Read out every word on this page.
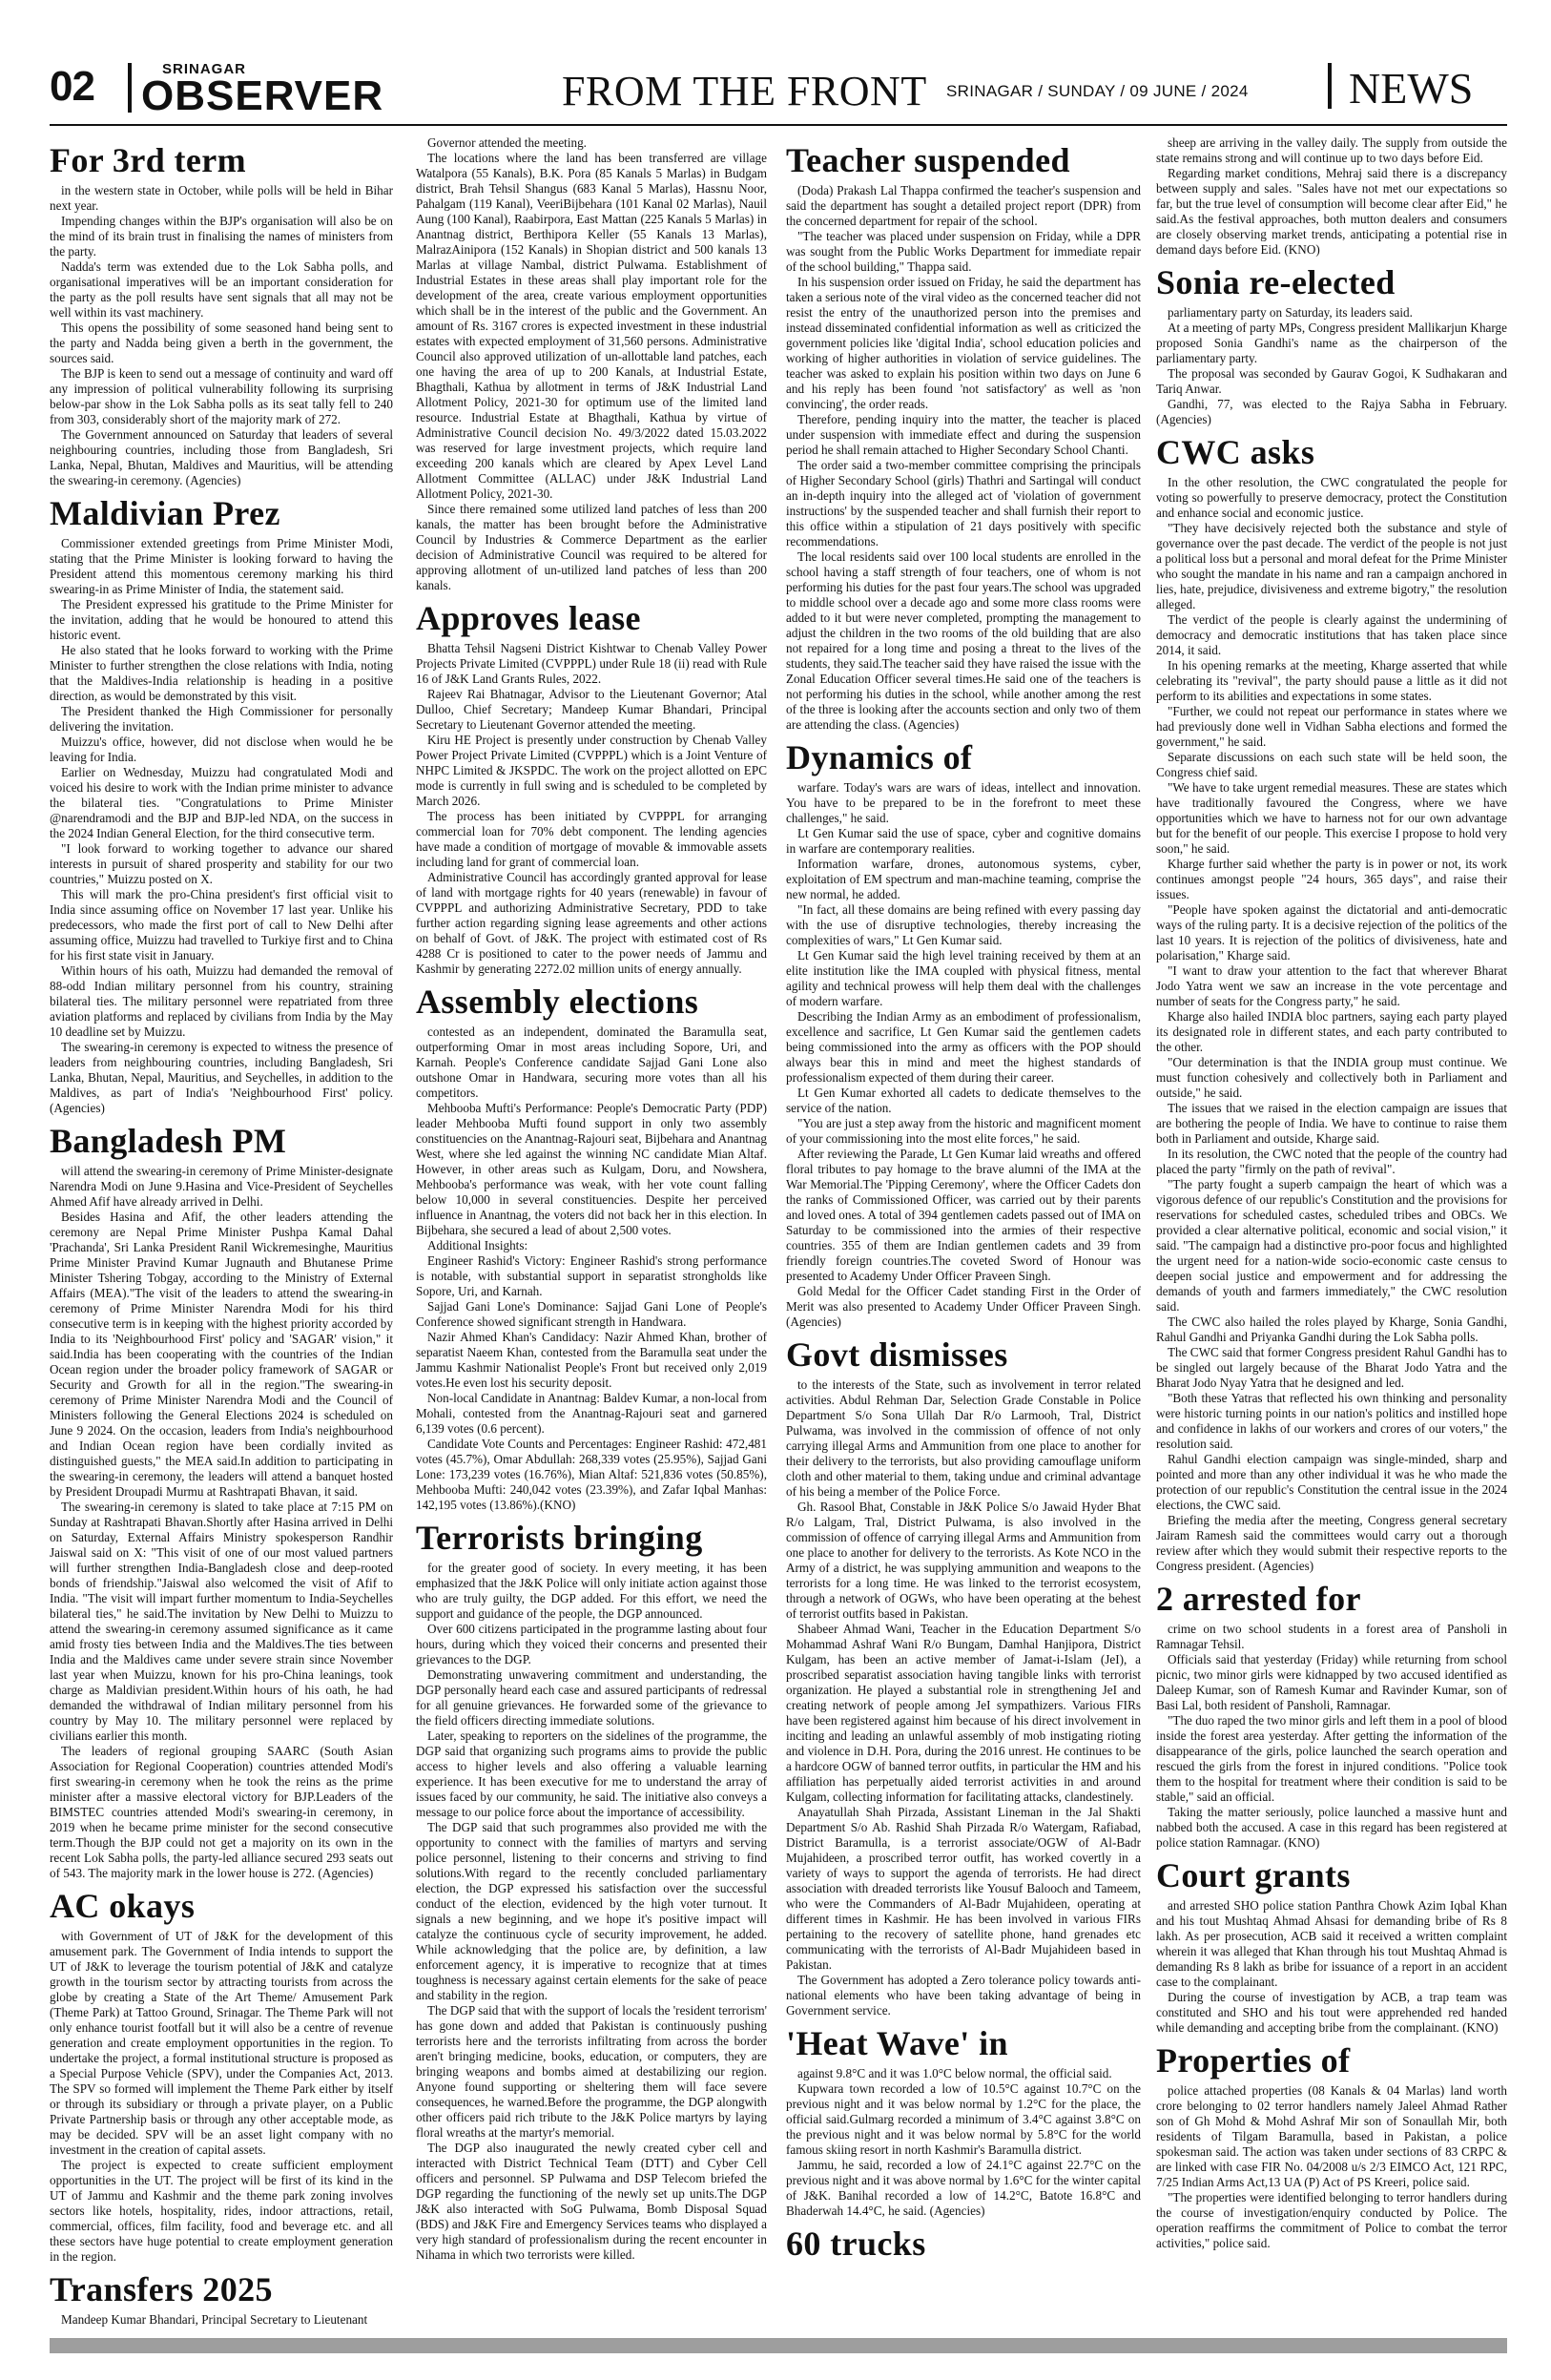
02	SRINAGAR
OBSERVER	FROM THE FRONT SRINAGAR / SUNDAY / 09 JUNE / 2024 NEWS
For 3rd term

in the western state in October, while polls will be held in Bihar next year.

Impending changes within the BJP's organisation will also be on the mind of its brain trust in finalising the names of ministers from the party.

Nadda's term was extended due to the Lok Sabha polls, and organisational imperatives will be an important consideration for the party as the poll results have sent signals that all may not be well within its vast machinery.

This opens the possibility of some seasoned hand being sent to the party and Nadda being given a berth in the government, the sources said.

The BJP is keen to send out a message of continuity and ward off any impression of political vulnerability following its surprising below-par show in the Lok Sabha polls as its seat tally fell to 240 from 303, considerably short of the majority mark of 272.

The Government announced on Saturday that leaders of several neighbouring countries, including those from Bangladesh, Sri Lanka, Nepal, Bhutan, Maldives and Mauritius, will be attending the swearing-in ceremony. (Agencies)

Maldivian Prez

Commissioner extended greetings from Prime Minister Modi, stating that the Prime Minister is looking forward to having the President attend this momentous ceremony marking his third swearing-in as Prime Minister of India, the statement said.

The President expressed his gratitude to the Prime Minister for the invitation, adding that he would be honoured to attend this historic event.

He also stated that he looks forward to working with the Prime Minister to further strengthen the close relations with India, noting that the Maldives-India relationship is heading in a positive direction, as would be demonstrated by this visit.

The President thanked the High Commissioner for personally delivering the invitation.

Muizzu's office, however, did not disclose when would he be leaving for India.

Earlier on Wednesday, Muizzu had congratulated Modi and voiced his desire to work with the Indian prime minister to advance the bilateral ties. "Congratulations to Prime Minister @narendramodi and the BJP and BJP-led NDA, on the success in the 2024 Indian General Election, for the third consecutive term.

"I look forward to working together to advance our shared interests in pursuit of shared prosperity and stability for our two countries," Muizzu posted on X.

This will mark the pro-China president's first official visit to India since assuming office on November 17 last year. Unlike his predecessors, who made the first port of call to New Delhi after assuming office, Muizzu had travelled to Turkiye first and to China for his first state visit in January.

Within hours of his oath, Muizzu had demanded the removal of 88-odd Indian military personnel from his country, straining bilateral ties. The military personnel were repatriated from three aviation platforms and replaced by civilians from India by the May 10 deadline set by Muizzu.

The swearing-in ceremony is expected to witness the presence of leaders from neighbouring countries, including Bangladesh, Sri Lanka, Bhutan, Nepal, Mauritius, and Seychelles, in addition to the Maldives, as part of India's 'Neighbourhood First' policy. (Agencies)

Bangladesh PM

will attend the swearing-in ceremony of Prime Minister-designate Narendra Modi on June 9.Hasina and Vice-President of Seychelles Ahmed Afif have already arrived in Delhi.

Besides Hasina and Afif, the other leaders attending the ceremony are Nepal Prime Minister Pushpa Kamal Dahal 'Prachanda', Sri Lanka President Ranil Wickremesinghe, Mauritius Prime Minister Pravind Kumar Jugnauth and Bhutanese Prime Minister Tshering Tobgay, according to the Ministry of External Affairs (MEA)."The visit of the leaders to attend the swearing-in ceremony of Prime Minister Narendra Modi for his third consecutive term is in keeping with the highest priority accorded by India to its 'Neighbourhood First' policy and 'SAGAR' vision," it said.India has been cooperating with the countries of the Indian Ocean region under the broader policy framework of SAGAR or Security and Growth for all in the region."The swearing-in ceremony of Prime Minister Narendra Modi and the Council of Ministers following the General Elections 2024 is scheduled on June 9 2024. On the occasion, leaders from India's neighbourhood and Indian Ocean region have been cordially invited as distinguished guests," the MEA said.In addition to participating in the swearing-in ceremony, the leaders will attend a banquet hosted by President Droupadi Murmu at Rashtrapati Bhavan, it said.

The swearing-in ceremony is slated to take place at 7:15 PM on Sunday at Rashtrapati Bhavan.Shortly after Hasina arrived in Delhi on Saturday, External Affairs Ministry spokesperson Randhir Jaiswal said on X: "This visit of one of our most valued partners will further strengthen India-Bangladesh close and deep-rooted bonds of friendship."Jaiswal also welcomed the visit of Afif to India. "The visit will impart further momentum to India-Seychelles bilateral ties," he said.The invitation by New Delhi to Muizzu to attend the swearing-in ceremony assumed significance as it came amid frosty ties between India and the Maldives.The ties between India and the Maldives came under severe strain since November last year when Muizzu, known for his pro-China leanings, took charge as Maldivian president.Within hours of his oath, he had demanded the withdrawal of Indian military personnel from his country by May 10. The military personnel were replaced by civilians earlier this month.

The leaders of regional grouping SAARC (South Asian Association for Regional Cooperation) countries attended Modi's first swearing-in ceremony when he took the reins as the prime minister after a massive electoral victory for BJP.Leaders of the BIMSTEC countries attended Modi's swearing-in ceremony, in 2019 when he became prime minister for the second consecutive term.Though the BJP could not get a majority on its own in the recent Lok Sabha polls, the party-led alliance secured 293 seats out of 543. The majority mark in the lower house is 272. (Agencies)

AC okays

with Government of UT of J&K for the development of this amusement park. The Government of India intends to support the UT of J&K to leverage the tourism potential of J&K and catalyze growth in the tourism sector by attracting tourists from across the globe by creating a State of the Art Theme/ Amusement Park (Theme Park) at Tattoo Ground, Srinagar. The Theme Park will not only enhance tourist footfall but it will also be a centre of revenue generation and create employment opportunities in the region. To undertake the project, a formal institutional structure is proposed as a Special Purpose Vehicle (SPV), under the Companies Act, 2013. The SPV so formed will implement the Theme Park either by itself or through its subsidiary or through a private player, on a Public Private Partnership basis or through any other acceptable mode, as may be decided. SPV will be an asset light company with no investment in the creation of capital assets.

The project is expected to create sufficient employment opportunities in the UT. The project will be first of its kind in the UT of Jammu and Kashmir and the theme park zoning involves sectors like hotels, hospitality, rides, indoor attractions, retail, commercial, offices, film facility, food and beverage etc. and all these sectors have huge potential to create employment generation in the region.

Transfers 2025

Mandeep Kumar Bhandari, Principal Secretary to Lieutenant

Governor attended the meeting.

The locations where the land has been transferred are village Watalpora (55 Kanals), B.K. Pora (85 Kanals 5 Marlas) in Budgam district, Brah Tehsil Shangus (683 Kanal 5 Marlas), Hassnu Noor, Pahalgam (119 Kanal), VeeriBijbehara (101 Kanal 02 Marlas), Nauil Aung (100 Kanal), Raabirpora, East Mattan (225 Kanals 5 Marlas) in Anantnag district, Berthipora Keller (55 Kanals 13 Marlas), MalrazAinipora (152 Kanals) in Shopian district and 500 kanals 13 Marlas at village Nambal, district Pulwama. Establishment of Industrial Estates in these areas shall play important role for the development of the area, create various employment opportunities which shall be in the interest of the public and the Government. An amount of Rs. 3167 crores is expected investment in these industrial estates with expected employment of 31,560 persons. Administrative Council also approved utilization of un-allottable land patches, each one having the area of up to 200 Kanals, at Industrial Estate, Bhagthali, Kathua by allotment in terms of J&K Industrial Land Allotment Policy, 2021-30 for optimum use of the limited land resource. Industrial Estate at Bhagthali, Kathua by virtue of Administrative Council decision No. 49/3/2022 dated 15.03.2022 was reserved for large investment projects, which require land exceeding 200 kanals which are cleared by Apex Level Land Allotment Committee (ALLAC) under J&K Industrial Land Allotment Policy, 2021-30.

Since there remained some utilized land patches of less than 200 kanals, the matter has been brought before the Administrative Council by Industries & Commerce Department as the earlier decision of Administrative Council was required to be altered for approving allotment of un-utilized land patches of less than 200 kanals.

Approves lease

Bhatta Tehsil Nagseni District Kishtwar to Chenab Valley Power Projects Private Limited (CVPPPL) under Rule 18 (ii) read with Rule 16 of J&K Land Grants Rules, 2022.

Rajeev Rai Bhatnagar, Advisor to the Lieutenant Governor; Atal Dulloo, Chief Secretary; Mandeep Kumar Bhandari, Principal Secretary to Lieutenant Governor attended the meeting.

Kiru HE Project is presently under construction by Chenab Valley Power Project Private Limited (CVPPPL) which is a Joint Venture of NHPC Limited & JKSPDC. The work on the project allotted on EPC mode is currently in full swing and is scheduled to be completed by March 2026.

The process has been initiated by CVPPPL for arranging commercial loan for 70% debt component. The lending agencies have made a condition of mortgage of movable & immovable assets including land for grant of commercial loan.

Administrative Council has accordingly granted approval for lease of land with mortgage rights for 40 years (renewable) in favour of CVPPPL and authorizing Administrative Secretary, PDD to take further action regarding signing lease agreements and other actions on behalf of Govt. of J&K. The project with estimated cost of Rs 4288 Cr is positioned to cater to the power needs of Jammu and Kashmir by generating 2272.02 million units of energy annually.

Assembly elections

contested as an independent, dominated the Baramulla seat, outperforming Omar in most areas including Sopore, Uri, and Karnah. People's Conference candidate Sajjad Gani Lone also outshone Omar in Handwara, securing more votes than all his competitors.

Mehbooba Mufti's Performance: People's Democratic Party (PDP) leader Mehbooba Mufti found support in only two assembly constituencies on the Anantnag-Rajouri seat, Bijbehara and Anantnag West, where she led against the winning NC candidate Mian Altaf. However, in other areas such as Kulgam, Doru, and Nowshera, Mehbooba's performance was weak, with her vote count falling below 10,000 in several constituencies. Despite her perceived influence in Anantnag, the voters did not back her in this election. In Bijbehara, she secured a lead of about 2,500 votes.

Additional Insights:

Engineer Rashid's Victory: Engineer Rashid's strong performance is notable, with substantial support in separatist strongholds like Sopore, Uri, and Karnah.

Sajjad Gani Lone's Dominance: Sajjad Gani Lone of People's Conference showed significant strength in Handwara.

Nazir Ahmed Khan's Candidacy: Nazir Ahmed Khan, brother of separatist Naeem Khan, contested from the Baramulla seat under the Jammu Kashmir Nationalist People's Front but received only 2,019 votes.He even lost his security deposit.

Non-local Candidate in Anantnag: Baldev Kumar, a non-local from Mohali, contested from the Anantnag-Rajouri seat and garnered 6,139 votes (0.6 percent).

Candidate Vote Counts and Percentages: Engineer Rashid: 472,481 votes (45.7%), Omar Abdullah: 268,339 votes (25.95%), Sajjad Gani Lone: 173,239 votes (16.76%), Mian Altaf: 521,836 votes (50.85%), Mehbooba Mufti: 240,042 votes (23.39%), and Zafar Iqbal Manhas: 142,195 votes (13.86%).(KNO)

Terrorists bringing

for the greater good of society. In every meeting, it has been emphasized that the J&K Police will only initiate action against those who are truly guilty, the DGP added. For this effort, we need the support and guidance of the people, the DGP announced.

Over 600 citizens participated in the programme lasting about four hours, during which they voiced their concerns and presented their grievances to the DGP.

Demonstrating unwavering commitment and understanding, the DGP personally heard each case and assured participants of redressal for all genuine grievances. He forwarded some of the grievance to the field officers directing immediate solutions.

Later, speaking to reporters on the sidelines of the programme, the DGP said that organizing such programs aims to provide the public access to higher levels and also offering a valuable learning experience. It has been executive for me to understand the array of issues faced by our community, he said. The initiative also conveys a message to our police force about the importance of accessibility.

The DGP said that such programmes also provided me with the opportunity to connect with the families of martyrs and serving police personnel, listening to their concerns and striving to find solutions.With regard to the recently concluded parliamentary election, the DGP expressed his satisfaction over the successful conduct of the election, evidenced by the high voter turnout. It signals a new beginning, and we hope it's positive impact will catalyze the continuous cycle of security improvement, he added. While acknowledging that the police are, by definition, a law enforcement agency, it is imperative to recognize that at times toughness is necessary against certain elements for the sake of peace and stability in the region.

The DGP said that with the support of locals the 'resident terrorism' has gone down and added that Pakistan is continuously pushing terrorists here and the terrorists infiltrating from across the border aren't bringing medicine, books, education, or computers, they are bringing weapons and bombs aimed at destabilizing our region. Anyone found supporting or sheltering them will face severe consequences, he warned.Before the programme, the DGP alongwith other officers paid rich tribute to the J&K Police martyrs by laying floral wreaths at the martyr's memorial.

The DGP also inaugurated the newly created cyber cell and interacted with District Technical Team (DTT) and Cyber Cell officers and personnel. SP Pulwama and DSP Telecom briefed the DGP regarding the functioning of the newly set up units.The DGP J&K also interacted with SoG Pulwama, Bomb Disposal Squad (BDS) and J&K Fire and Emergency Services teams who displayed a very high standard of professionalism during the recent encounter in Nihama in which two terrorists were killed.

Teacher suspended

(Doda) Prakash Lal Thappa confirmed the teacher's suspension and said the department has sought a detailed project report (DPR) from the concerned department for repair of the school.

"The teacher was placed under suspension on Friday, while a DPR was sought from the Public Works Department for immediate repair of the school building," Thappa said.

In his suspension order issued on Friday, he said the department has taken a serious note of the viral video as the concerned teacher did not resist the entry of the unauthorized person into the premises and instead disseminated confidential information as well as criticized the government policies like 'digital India', school education policies and working of higher authorities in violation of service guidelines. The teacher was asked to explain his position within two days on June 6 and his reply has been found 'not satisfactory' as well as 'non convincing', the order reads.

Therefore, pending inquiry into the matter, the teacher is placed under suspension with immediate effect and during the suspension period he shall remain attached to Higher Secondary School Chanti.

The order said a two-member committee comprising the principals of Higher Secondary School (girls) Thathri and Sartingal will conduct an in-depth inquiry into the alleged act of 'violation of government instructions' by the suspended teacher and shall furnish their report to this office within a stipulation of 21 days positively with specific recommendations.

The local residents said over 100 local students are enrolled in the school having a staff strength of four teachers, one of whom is not performing his duties for the past four years.The school was upgraded to middle school over a decade ago and some more class rooms were added to it but were never completed, prompting the management to adjust the children in the two rooms of the old building that are also not repaired for a long time and posing a threat to the lives of the students, they said.The teacher said they have raised the issue with the Zonal Education Officer several times.He said one of the teachers is not performing his duties in the school, while another among the rest of the three is looking after the accounts section and only two of them are attending the class. (Agencies)

Dynamics of

warfare. Today's wars are wars of ideas, intellect and innovation. You have to be prepared to be in the forefront to meet these challenges," he said.

Lt Gen Kumar said the use of space, cyber and cognitive domains in warfare are contemporary realities.

Information warfare, drones, autonomous systems, cyber, exploitation of EM spectrum and man-machine teaming, comprise the new normal, he added.

"In fact, all these domains are being refined with every passing day with the use of disruptive technologies, thereby increasing the complexities of wars," Lt Gen Kumar said.

Lt Gen Kumar said the high level training received by them at an elite institution like the IMA coupled with physical fitness, mental agility and technical prowess will help them deal with the challenges of modern warfare.

Describing the Indian Army as an embodiment of professionalism, excellence and sacrifice, Lt Gen Kumar said the gentlemen cadets being commissioned into the army as officers with the POP should always bear this in mind and meet the highest standards of professionalism expected of them during their career.

Lt Gen Kumar exhorted all cadets to dedicate themselves to the service of the nation.

"You are just a step away from the historic and magnificent moment of your commissioning into the most elite forces," he said.

After reviewing the Parade, Lt Gen Kumar laid wreaths and offered floral tributes to pay homage to the brave alumni of the IMA at the War Memorial.The 'Pipping Ceremony', where the Officer Cadets don the ranks of Commissioned Officer, was carried out by their parents and loved ones. A total of 394 gentlemen cadets passed out of IMA on Saturday to be commissioned into the armies of their respective countries. 355 of them are Indian gentlemen cadets and 39 from friendly foreign countries.The coveted Sword of Honour was presented to Academy Under Officer Praveen Singh.

Gold Medal for the Officer Cadet standing First in the Order of Merit was also presented to Academy Under Officer Praveen Singh. (Agencies)

Govt dismisses

to the interests of the State, such as involvement in terror related activities. Abdul Rehman Dar, Selection Grade Constable in Police Department S/o Sona Ullah Dar R/o Larmooh, Tral, District Pulwama, was involved in the commission of offence of not only carrying illegal Arms and Ammunition from one place to another for their delivery to the terrorists, but also providing camouflage uniform cloth and other material to them, taking undue and criminal advantage of his being a member of the Police Force.

Gh. Rasool Bhat, Constable in J&K Police S/o Jawaid Hyder Bhat R/o Lalgam, Tral, District Pulwama, is also involved in the commission of offence of carrying illegal Arms and Ammunition from one place to another for delivery to the terrorists. As Kote NCO in the Army of a district, he was supplying ammunition and weapons to the terrorists for a long time. He was linked to the terrorist ecosystem, through a network of OGWs, who have been operating at the behest of terrorist outfits based in Pakistan.

Shabeer Ahmad Wani, Teacher in the Education Department S/o Mohammad Ashraf Wani R/o Bungam, Damhal Hanjipora, District Kulgam, has been an active member of Jamat-i-Islam (JeI), a proscribed separatist association having tangible links with terrorist organization. He played a substantial role in strengthening JeI and creating network of people among JeI sympathizers. Various FIRs have been registered against him because of his direct involvement in inciting and leading an unlawful assembly of mob instigating rioting and violence in D.H. Pora, during the 2016 unrest. He continues to be a hardcore OGW of banned terror outfits, in particular the HM and his affiliation has perpetually aided terrorist activities in and around Kulgam, collecting information for facilitating attacks, clandestinely.

Anayatullah Shah Pirzada, Assistant Lineman in the Jal Shakti Department S/o Ab. Rashid Shah Pirzada R/o Watergam, Rafiabad, District Baramulla, is a terrorist associate/OGW of Al-Badr Mujahideen, a proscribed terror outfit, has worked covertly in a variety of ways to support the agenda of terrorists. He had direct association with dreaded terrorists like Yousuf Balooch and Tameem, who were the Commanders of Al-Badr Mujahideen, operating at different times in Kashmir. He has been involved in various FIRs pertaining to the recovery of satellite phone, hand grenades etc communicating with the terrorists of Al-Badr Mujahideen based in Pakistan.

The Government has adopted a Zero tolerance policy towards anti-national elements who have been taking advantage of being in Government service.

'Heat Wave' in

against 9.8°C and it was 1.0°C below normal, the official said.

Kupwara town recorded a low of 10.5°C against 10.7°C on the previous night and it was below normal by 1.2°C for the place, the official said.Gulmarg recorded a minimum of 3.4°C against 3.8°C on the previous night and it was below normal by 5.8°C for the world famous skiing resort in north Kashmir's Baramulla district.

Jammu, he said, recorded a low of 24.1°C against 22.7°C on the previous night and it was above normal by 1.6°C for the winter capital of J&K. Banihal recorded a low of 14.2°C, Batote 16.8°C and Bhaderwah 14.4°C, he said. (Agencies)

60 trucks

sheep are arriving in the valley daily. The supply from outside the state remains strong and will continue up to two days before Eid.

Regarding market conditions, Mehraj said there is a discrepancy between supply and sales. "Sales have not met our expectations so far, but the true level of consumption will become clear after Eid," he said.As the festival approaches, both mutton dealers and consumers are closely observing market trends, anticipating a potential rise in demand days before Eid. (KNO)

Sonia re-elected

parliamentary party on Saturday, its leaders said.

At a meeting of party MPs, Congress president Mallikarjun Kharge proposed Sonia Gandhi's name as the chairperson of the parliamentary party.

The proposal was seconded by Gaurav Gogoi, K Sudhakaran and Tariq Anwar.

Gandhi, 77, was elected to the Rajya Sabha in February. (Agencies)

CWC asks

In the other resolution, the CWC congratulated the people for voting so powerfully to preserve democracy, protect the Constitution and enhance social and economic justice.

"They have decisively rejected both the substance and style of governance over the past decade. The verdict of the people is not just a political loss but a personal and moral defeat for the Prime Minister who sought the mandate in his name and ran a campaign anchored in lies, hate, prejudice, divisiveness and extreme bigotry," the resolution alleged.

The verdict of the people is clearly against the undermining of democracy and democratic institutions that has taken place since 2014, it said.

In his opening remarks at the meeting, Kharge asserted that while celebrating its "revival", the party should pause a little as it did not perform to its abilities and expectations in some states.

"Further, we could not repeat our performance in states where we had previously done well in Vidhan Sabha elections and formed the government," he said.

Separate discussions on each such state will be held soon, the Congress chief said.

"We have to take urgent remedial measures. These are states which have traditionally favoured the Congress, where we have opportunities which we have to harness not for our own advantage but for the benefit of our people. This exercise I propose to hold very soon," he said.

Kharge further said whether the party is in power or not, its work continues amongst people "24 hours, 365 days", and raise their issues.

"People have spoken against the dictatorial and anti-democratic ways of the ruling party. It is a decisive rejection of the politics of the last 10 years. It is rejection of the politics of divisiveness, hate and polarisation," Kharge said.

"I want to draw your attention to the fact that wherever Bharat Jodo Yatra went we saw an increase in the vote percentage and number of seats for the Congress party," he said.

Kharge also hailed INDIA bloc partners, saying each party played its designated role in different states, and each party contributed to the other.

"Our determination is that the INDIA group must continue. We must function cohesively and collectively both in Parliament and outside," he said.

The issues that we raised in the election campaign are issues that are bothering the people of India. We have to continue to raise them both in Parliament and outside, Kharge said.

In its resolution, the CWC noted that the people of the country had placed the party "firmly on the path of revival".

"The party fought a superb campaign the heart of which was a vigorous defence of our republic's Constitution and the provisions for reservations for scheduled castes, scheduled tribes and OBCs. We provided a clear alternative political, economic and social vision," it said. "The campaign had a distinctive pro-poor focus and highlighted the urgent need for a nation-wide socio-economic caste census to deepen social justice and empowerment and for addressing the demands of youth and farmers immediately," the CWC resolution said.

The CWC also hailed the roles played by Kharge, Sonia Gandhi, Rahul Gandhi and Priyanka Gandhi during the Lok Sabha polls.

The CWC said that former Congress president Rahul Gandhi has to be singled out largely because of the Bharat Jodo Yatra and the Bharat Jodo Nyay Yatra that he designed and led.

"Both these Yatras that reflected his own thinking and personality were historic turning points in our nation's politics and instilled hope and confidence in lakhs of our workers and crores of our voters," the resolution said.

Rahul Gandhi election campaign was single-minded, sharp and pointed and more than any other individual it was he who made the protection of our republic's Constitution the central issue in the 2024 elections, the CWC said.

Briefing the media after the meeting, Congress general secretary Jairam Ramesh said the committees would carry out a thorough review after which they would submit their respective reports to the Congress president. (Agencies)

2 arrested for

crime on two school students in a forest area of Pansholi in Ramnagar Tehsil.

Officials said that yesterday (Friday) while returning from school picnic, two minor girls were kidnapped by two accused identified as Daleep Kumar, son of Ramesh Kumar and Ravinder Kumar, son of Basi Lal, both resident of Pansholi, Ramnagar.

"The duo raped the two minor girls and left them in a pool of blood inside the forest area yesterday. After getting the information of the disappearance of the girls, police launched the search operation and rescued the girls from the forest in injured conditions. "Police took them to the hospital for treatment where their condition is said to be stable," said an official.

Taking the matter seriously, police launched a massive hunt and nabbed both the accused. A case in this regard has been registered at police station Ramnagar. (KNO)

Court grants

and arrested SHO police station Panthra Chowk Azim Iqbal Khan and his tout Mushtaq Ahmad Ahsasi for demanding bribe of Rs 8 lakh. As per prosecution, ACB said it received a written complaint wherein it was alleged that Khan through his tout Mushtaq Ahmad is demanding Rs 8 lakh as bribe for issuance of a report in an accident case to the complainant.

During the course of investigation by ACB, a trap team was constituted and SHO and his tout were apprehended red handed while demanding and accepting bribe from the complainant. (KNO)

Properties of

police attached properties (08 Kanals & 04 Marlas) land worth crore belonging to 02 terror handlers namely Jaleel Ahmad Rather son of Gh Mohd & Mohd Ashraf Mir son of Sonaullah Mir, both residents of Tilgam Baramulla, based in Pakistan, a police spokesman said. The action was taken under sections of 83 CRPC & are linked with case FIR No. 04/2008 u/s 2/3 EIMCO Act, 121 RPC, 7/25 Indian Arms Act,13 UA (P) Act of PS Kreeri, police said.

"The properties were identified belonging to terror handlers during the course of investigation/enquiry conducted by Police. The operation reaffirms the commitment of Police to combat the terror activities," police said.
